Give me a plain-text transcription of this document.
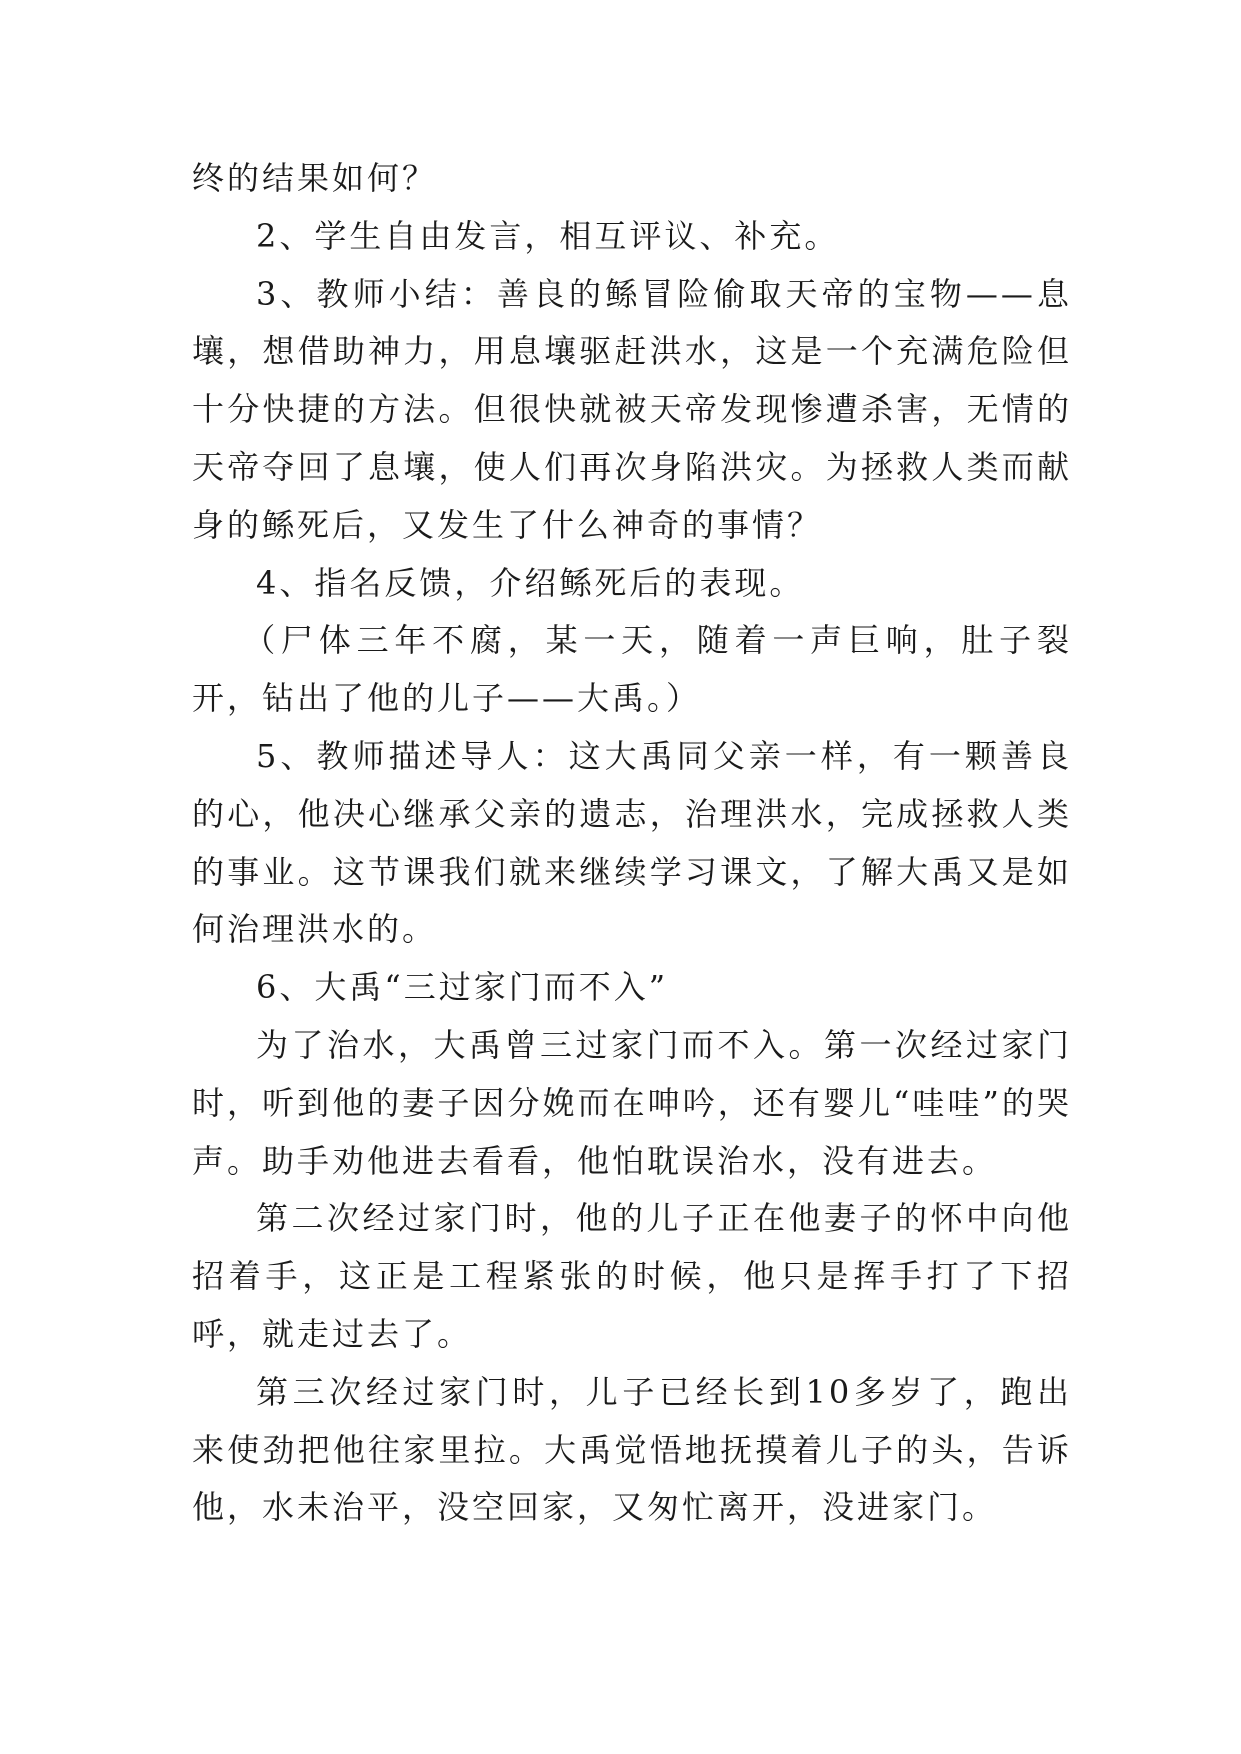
终的结果如何？

2、学生自由发言，相互评议、补充。

3、教师小结：善良的鲧冒险偷取天帝的宝物——息壤，想借助神力，用息壤驱赶洪水，这是一个充满危险但十分快捷的方法。但很快就被天帝发现惨遭杀害，无情的天帝夺回了息壤，使人们再次身陷洪灾。为拯救人类而献身的鲧死后，又发生了什么神奇的事情？

4、指名反馈，介绍鲧死后的表现。

（尸体三年不腐，某一天，随着一声巨响，肚子裂开，钻出了他的儿子——大禹。）

5、教师描述导人：这大禹同父亲一样，有一颗善良的心，他决心继承父亲的遗志，治理洪水，完成拯救人类的事业。这节课我们就来继续学习课文，了解大禹又是如何治理洪水的。

6、大禹“三过家门而不入”

为了治水，大禹曾三过家门而不入。第一次经过家门时，听到他的妻子因分娩而在呻吟，还有婴儿“哇哇”的哭声。助手劝他进去看看，他怕耽误治水，没有进去。

第二次经过家门时，他的儿子正在他妻子的怀中向他招着手，这正是工程紧张的时候，他只是挥手打了下招呼，就走过去了。

第三次经过家门时，儿子已经长到10多岁了，跑出来使劲把他往家里拉。大禹觉悟地抚摸着儿子的头，告诉他，水未治平，没空回家，又匆忙离开，没进家门。
